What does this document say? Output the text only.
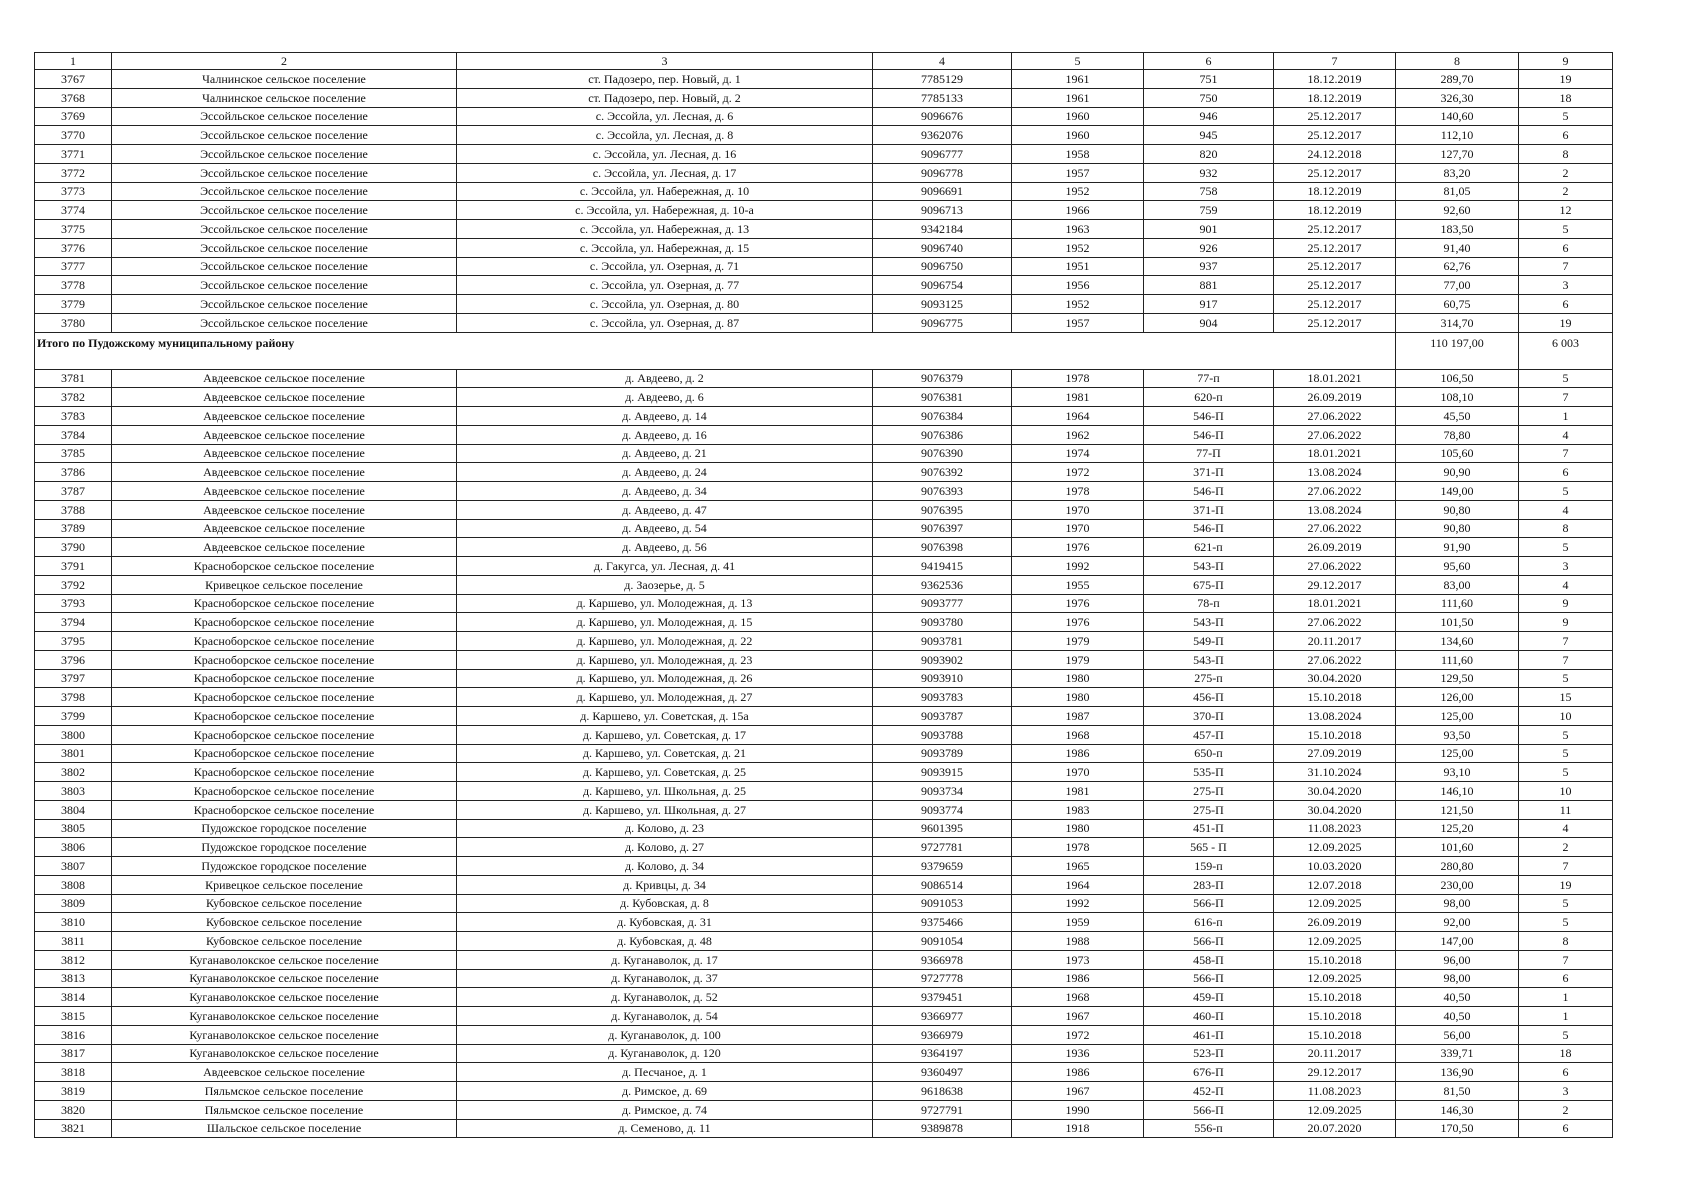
1	2	3	4	5	6	7	8	9
3767	Чалнинское сельское поселение	ст. Падозеро, пер. Новый, д. 1	7785129	1961	751	18.12.2019	289,70	19
3768	Чалнинское сельское поселение	ст. Падозеро, пер. Новый, д. 2	7785133	1961	750	18.12.2019	326,30	18
3769	Эссойльское сельское поселение	с. Эссойла, ул. Лесная, д. 6	9096676	1960	946	25.12.2017	140,60	5
3770	Эссойльское сельское поселение	с. Эссойла, ул. Лесная, д. 8	9362076	1960	945	25.12.2017	112,10	6
3771	Эссойльское сельское поселение	с. Эссойла, ул. Лесная, д. 16	9096777	1958	820	24.12.2018	127,70	8
3772	Эссойльское сельское поселение	с. Эссойла, ул. Лесная, д. 17	9096778	1957	932	25.12.2017	83,20	2
3773	Эссойльское сельское поселение	с. Эссойла, ул. Набережная, д. 10	9096691	1952	758	18.12.2019	81,05	2
3774	Эссойльское сельское поселение	с. Эссойла, ул. Набережная, д. 10-а	9096713	1966	759	18.12.2019	92,60	12
3775	Эссойльское сельское поселение	с. Эссойла, ул. Набережная, д. 13	9342184	1963	901	25.12.2017	183,50	5
3776	Эссойльское сельское поселение	с. Эссойла, ул. Набережная, д. 15	9096740	1952	926	25.12.2017	91,40	6
3777	Эссойльское сельское поселение	с. Эссойла, ул. Озерная, д. 71	9096750	1951	937	25.12.2017	62,76	7
3778	Эссойльское сельское поселение	с. Эссойла, ул. Озерная, д. 77	9096754	1956	881	25.12.2017	77,00	3
3779	Эссойльское сельское поселение	с. Эссойла, ул. Озерная, д. 80	9093125	1952	917	25.12.2017	60,75	6
3780	Эссойльское сельское поселение	с. Эссойла, ул. Озерная, д. 87	9096775	1957	904	25.12.2017	314,70	19
Итого по Пудожскому муниципальному району							110 197,00	6 003
3781	Авдеевское сельское поселение	д. Авдеево, д. 2	9076379	1978	77-п	18.01.2021	106,50	5
3782	Авдеевское сельское поселение	д. Авдеево, д. 6	9076381	1981	620-п	26.09.2019	108,10	7
3783	Авдеевское сельское поселение	д. Авдеево, д. 14	9076384	1964	546-П	27.06.2022	45,50	1
3784	Авдеевское сельское поселение	д. Авдеево, д. 16	9076386	1962	546-П	27.06.2022	78,80	4
3785	Авдеевское сельское поселение	д. Авдеево, д. 21	9076390	1974	77-П	18.01.2021	105,60	7
3786	Авдеевское сельское поселение	д. Авдеево, д. 24	9076392	1972	371-П	13.08.2024	90,90	6
3787	Авдеевское сельское поселение	д. Авдеево, д. 34	9076393	1978	546-П	27.06.2022	149,00	5
3788	Авдеевское сельское поселение	д. Авдеево, д. 47	9076395	1970	371-П	13.08.2024	90,80	4
3789	Авдеевское сельское поселение	д. Авдеево, д. 54	9076397	1970	546-П	27.06.2022	90,80	8
3790	Авдеевское сельское поселение	д. Авдеево, д. 56	9076398	1976	621-п	26.09.2019	91,90	5
3791	Красноборское сельское поселение	д. Гакугса, ул. Лесная, д. 41	9419415	1992	543-П	27.06.2022	95,60	3
3792	Кривецкое сельское поселение	д. Заозерье, д. 5	9362536	1955	675-П	29.12.2017	83,00	4
3793	Красноборское сельское поселение	д. Каршево, ул. Молодежная, д. 13	9093777	1976	78-п	18.01.2021	111,60	9
3794	Красноборское сельское поселение	д. Каршево, ул. Молодежная, д. 15	9093780	1976	543-П	27.06.2022	101,50	9
3795	Красноборское сельское поселение	д. Каршево, ул. Молодежная, д. 22	9093781	1979	549-П	20.11.2017	134,60	7
3796	Красноборское сельское поселение	д. Каршево, ул. Молодежная, д. 23	9093902	1979	543-П	27.06.2022	111,60	7
3797	Красноборское сельское поселение	д. Каршево, ул. Молодежная, д. 26	9093910	1980	275-п	30.04.2020	129,50	5
3798	Красноборское сельское поселение	д. Каршево, ул. Молодежная, д. 27	9093783	1980	456-П	15.10.2018	126,00	15
3799	Красноборское сельское поселение	д. Каршево, ул. Советская, д. 15а	9093787	1987	370-П	13.08.2024	125,00	10
3800	Красноборское сельское поселение	д. Каршево, ул. Советская, д. 17	9093788	1968	457-П	15.10.2018	93,50	5
3801	Красноборское сельское поселение	д. Каршево, ул. Советская, д. 21	9093789	1986	650-п	27.09.2019	125,00	5
3802	Красноборское сельское поселение	д. Каршево, ул. Советская, д. 25	9093915	1970	535-П	31.10.2024	93,10	5
3803	Красноборское сельское поселение	д. Каршево, ул. Школьная, д. 25	9093734	1981	275-П	30.04.2020	146,10	10
3804	Красноборское сельское поселение	д. Каршево, ул. Школьная, д. 27	9093774	1983	275-П	30.04.2020	121,50	11
3805	Пудожское городское поселение	д. Колово, д. 23	9601395	1980	451-П	11.08.2023	125,20	4
3806	Пудожское городское поселение	д. Колово, д. 27	9727781	1978	565 - П	12.09.2025	101,60	2
3807	Пудожское городское поселение	д. Колово, д. 34	9379659	1965	159-п	10.03.2020	280,80	7
3808	Кривецкое сельское поселение	д. Кривцы, д. 34	9086514	1964	283-П	12.07.2018	230,00	19
3809	Кубовское сельское поселение	д. Кубовская, д. 8	9091053	1992	566-П	12.09.2025	98,00	5
3810	Кубовское сельское поселение	д. Кубовская, д. 31	9375466	1959	616-п	26.09.2019	92,00	5
3811	Кубовское сельское поселение	д. Кубовская, д. 48	9091054	1988	566-П	12.09.2025	147,00	8
3812	Куганаволокское сельское поселение	д. Куганаволок, д. 17	9366978	1973	458-П	15.10.2018	96,00	7
3813	Куганаволокское сельское поселение	д. Куганаволок, д. 37	9727778	1986	566-П	12.09.2025	98,00	6
3814	Куганаволокское сельское поселение	д. Куганаволок, д. 52	9379451	1968	459-П	15.10.2018	40,50	1
3815	Куганаволокское сельское поселение	д. Куганаволок, д. 54	9366977	1967	460-П	15.10.2018	40,50	1
3816	Куганаволокское сельское поселение	д. Куганаволок, д. 100	9366979	1972	461-П	15.10.2018	56,00	5
3817	Куганаволокское сельское поселение	д. Куганаволок, д. 120	9364197	1936	523-П	20.11.2017	339,71	18
3818	Авдеевское сельское поселение	д. Песчаное, д. 1	9360497	1986	676-П	29.12.2017	136,90	6
3819	Пяльмское сельское поселение	д. Римское, д. 69	9618638	1967	452-П	11.08.2023	81,50	3
3820	Пяльмское сельское поселение	д. Римское, д. 74	9727791	1990	566-П	12.09.2025	146,30	2
3821	Шальское сельское поселение	д. Семеново, д. 11	9389878	1918	556-п	20.07.2020	170,50	6
